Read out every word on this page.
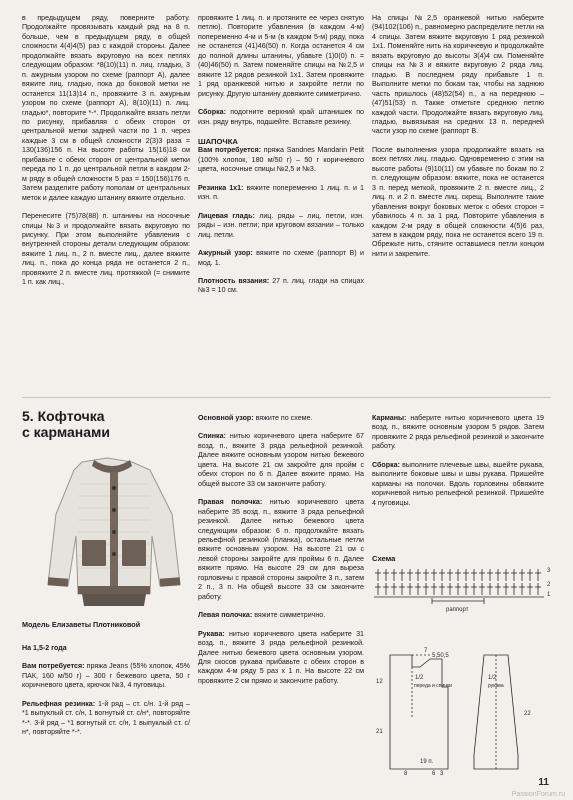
в предыдущем ряду, поверните работу. Продолжайте провязывать каждый ряд на 8 п. больше, чем в предыдущем ряду, в общей сложности 4(4)4(5) раз с каждой стороны. Далее продолжайте вязать вкруговую на всех петлях следующим образом: *8(10)(11) п. лиц. гладью, 3 п. ажурным узором по схеме (раппорт А), далее вяжите лиц. гладью, пока до боковой метки не останется 11(13)14 п., провяжите 3 п. ажурным узором по схеме (раппорт А), 8(10)(11) п. лиц. гладью*, повторите *-*. Продолжайте вязать петли по рисунку, прибавляя с обеих сторон от центральной метки задней части по 1 п. через каждые 3 см в общей сложности 2(3)3 раза = 130(136)156 п. На высоте работы 15(16)18 см прибавьте с обеих сторон от центральной метки переда по 1 п. до центральной петли в каждом 2-м ряду в общей сложности 5 раз = 150(156)176 п. Затем разделите работу пополам от центральных меток и далее каждую штанину вяжите отдельно.

Перенесите (75)78(88) п. штанины на носочные спицы №3 и продолжайте вязать вкруговую по рисунку. При этом выполняйте убавления с внутренней стороны детали следующим образом: вяжите 1 лиц. п., 2 п. вместе лиц., далее вяжите лиц. п., пока до конца ряда не останется 2 п., провяжите 2 п. вместе лиц. протяжкой (= снимите 1 п. как лиц.,

провяжите 1 лиц. п. и протяните ее через снятую петлю). Повторите убавления (в каждом 4-м) попеременно 4-м и 5-м (в каждом 5-м) ряду, пока не останется (41)46(50) п. Когда останется 4 см до полной длины штанины, убавьте (1)0(0) п. = (40)46(50) п. Затем поменяйте спицы на №2,5 и вяжите 12 рядов резинкой 1x1. Затем провяжите 1 ряд оранжевой нитью и закройте петли по рисунку. Другую штанину довяжите симметрично.

Сборка: подогните верхний край штанишек по изн. ряду внутрь, подшейте. Вставьте резинку.

ШАПОЧКА

Вам потребуется: пряжа Sandnes Mandarin Petit (100% хлопок, 180 м/50 г) – 50 г коричневого цвета, носочные спицы №2,5 и №3.

Резинка 1x1: вяжите попеременно 1 лиц. п. и 1 изн. п.

Лицевая гладь: лиц. ряды – лиц. петли, изн. ряды – изн. петли; при круговом вязании – только лиц. петли.

Ажурный узор: вяжите по схеме (раппорт В) и мод. 1.

Плотность вязания: 27 п. лиц. глади на спицах №3 = 10 см.

На спицы №2,5 оранжевой нитью наберите (94)102(106) п., равномерно распределите петли на 4 спицы. Затем вяжите вкруговую 1 ряд резинкой 1x1. Поменяйте нить на коричневую и продолжайте вязать вкруговую до высоты 3(4)4 см. Поменяйте спицы на №3 и вяжите вкруговую 2 ряда лиц. гладью. В последнем ряду прибавьте 1 п. Выполните метки по бокам так, чтобы на заднюю часть пришлось (48)52(54) п., а на переднюю – (47)51(53) п. Также отметьте среднюю петлю каждой части. Продолжайте вязать вкруговую лиц. гладью, вывязывая на средних 13 п. передней части узор по схеме (раппорт В.

После выполнения узора продолжайте вязать на всех петлях лиц. гладью. Одновременно с этим на высоте работы (9)10(11) см убавьте по бокам по 2 п. следующим образом: вяжите, пока не останется 3 п. перед меткой, провяжите 2 п. вместе лиц., 2 лиц. п. и 2 п. вместе лиц. скрещ. Выполните такие убавления вокруг боковых меток с обеих сторон = убавилось 4 п. за 1 ряд. Повторите убавления в каждом 2-м ряду в общей сложности 4(5)6 раз, затем в каждом ряду, пока не останется всего 19 п. Обрежьте нить, стяните оставшиеся петли концом нити и закрепите.

5. Кофточка
с карманами
Модель Елизаветы Плотниковой

На 1,5-2 года

Вам потребуется: пряжа Jeans (55% хлопок, 45% ПАК, 160 м/50 г) – 300 г бежевого цвета, 50 г коричневого цвета, крючок №3, 4 пуговицы.

Рельефная резинка: 1-й ряд – ст. с/н. 1-й ряд – *1 выпуклый ст. с/н, 1 вогнутый ст. с/н*, повторяйте *-*. 3-й ряд – *1 вогнутый ст. с/н, 1 выпуклый ст. с/н*, повторяйте *-*.

Основной узор: вяжите по схеме.

Спинка: нитью коричневого цвета наберите 67 возд. п., вяжите 3 ряда рельефной резинкой. Далее вяжите основным узором нитью бежевого цвета. На высоте 21 см закройте для пройм с обеих сторон по 6 п. Далее вяжите прямо. На общей высоте 33 см закончите работу.

Правая полочка: нитью коричневого цвета наберите 35 возд. п., вяжите 3 ряда рельефной резинкой. Далее нитью бежевого цвета следующим образом: 6 п. продолжайте вязать рельефной резинкой (планка), остальные петли вяжите основным узором. На высоте 21 см с левой стороны закройте для проймы 6 п. Далее вяжите прямо. На высоте 29 см для выреза горловины с правой стороны закройте 3 п., затем 2 п., 3 п. На общей высоте 33 см закончите работу.

Левая полочка: вяжите симметрично.

Рукава: нитью коричневого цвета наберите 31 возд. п., вяжите 3 ряда рельефной резинкой. Далее нитью бежевого цвета основным узором. Для скосов рукава прибавьте с обеих сторон в каждом 4-м ряду 5 раз x 1 п. На высоте 22 см провяжите 2 см прямо и закончите работу.

Карманы: наберите нитью коричневого цвета 19 возд. п., вяжите основным узором 5 рядов. Затем провяжите 2 ряда рельефной резинкой и закончите работу.

Сборка: выполните плечевые швы, вшейте рукава, выполните боковые швы и швы рукава. Пришейте карманы на полочки. Вдоль горловины обвяжите коричневой нитью рельефной резинкой. Пришейте 4 пуговицы.

Схема
3
2
1
раппорт
7
5,50,5
1/2
переда и спинки
1/2
рукава
12
21
19 п.
22
8	6 3
11
PassionForum.ru
